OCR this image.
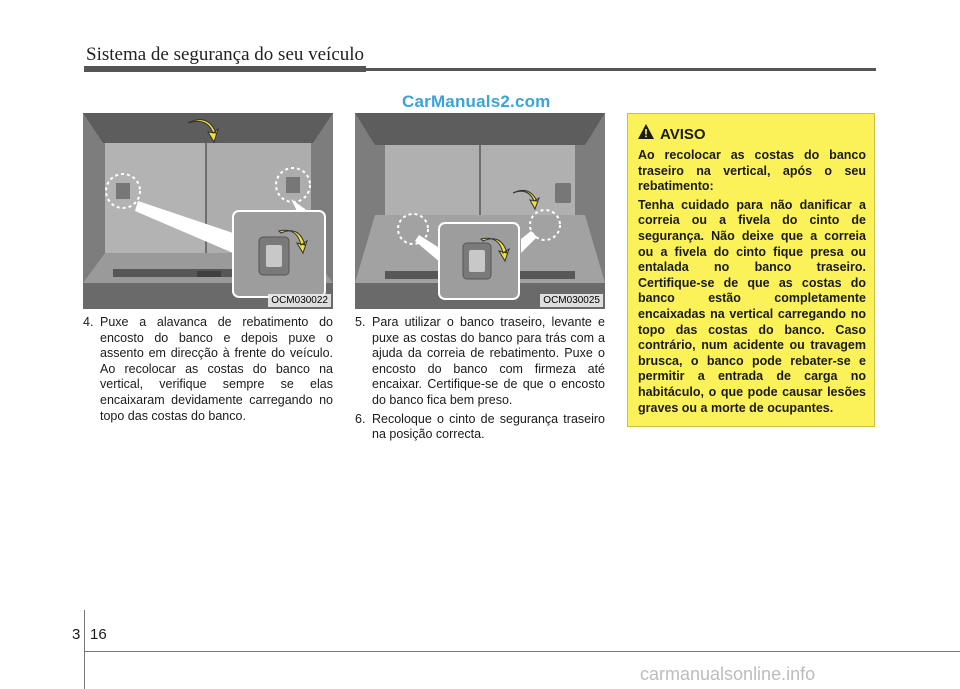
Sistema de segurança do seu veículo
CarManuals2.com
OCM030022	OCM030025

4. Puxe a alavanca de rebatimento do encosto do banco e depois puxe o assento em direcção à frente do veículo. Ao recolocar as costas do banco na vertical, verifique sempre se elas encaixaram devidamente carregando no topo das costas do banco.

5. Para utilizar o banco traseiro, levante e puxe as costas do banco para trás com a ajuda da correia de rebatimento. Puxe o encosto do banco com firmeza até encaixar. Certifique-se de que o encosto do banco fica bem preso.

6. Recoloque o cinto de segurança traseiro na posição correcta.

AVISO

Ao recolocar as costas do banco traseiro na vertical, após o seu rebatimento:

Tenha cuidado para não danificar a correia ou a fivela do cinto de segurança. Não deixe que a correia ou a fivela do cinto fique presa ou entalada no banco traseiro. Certifique-se de que as costas do banco estão completamente encaixadas na vertical carregando no topo das costas do banco. Caso contrário, num acidente ou travagem brusca, o banco pode rebater-se e permitir a entrada de carga no habitáculo, o que pode causar lesões graves ou a morte de ocupantes.

3 16
carmanualsonline.info
